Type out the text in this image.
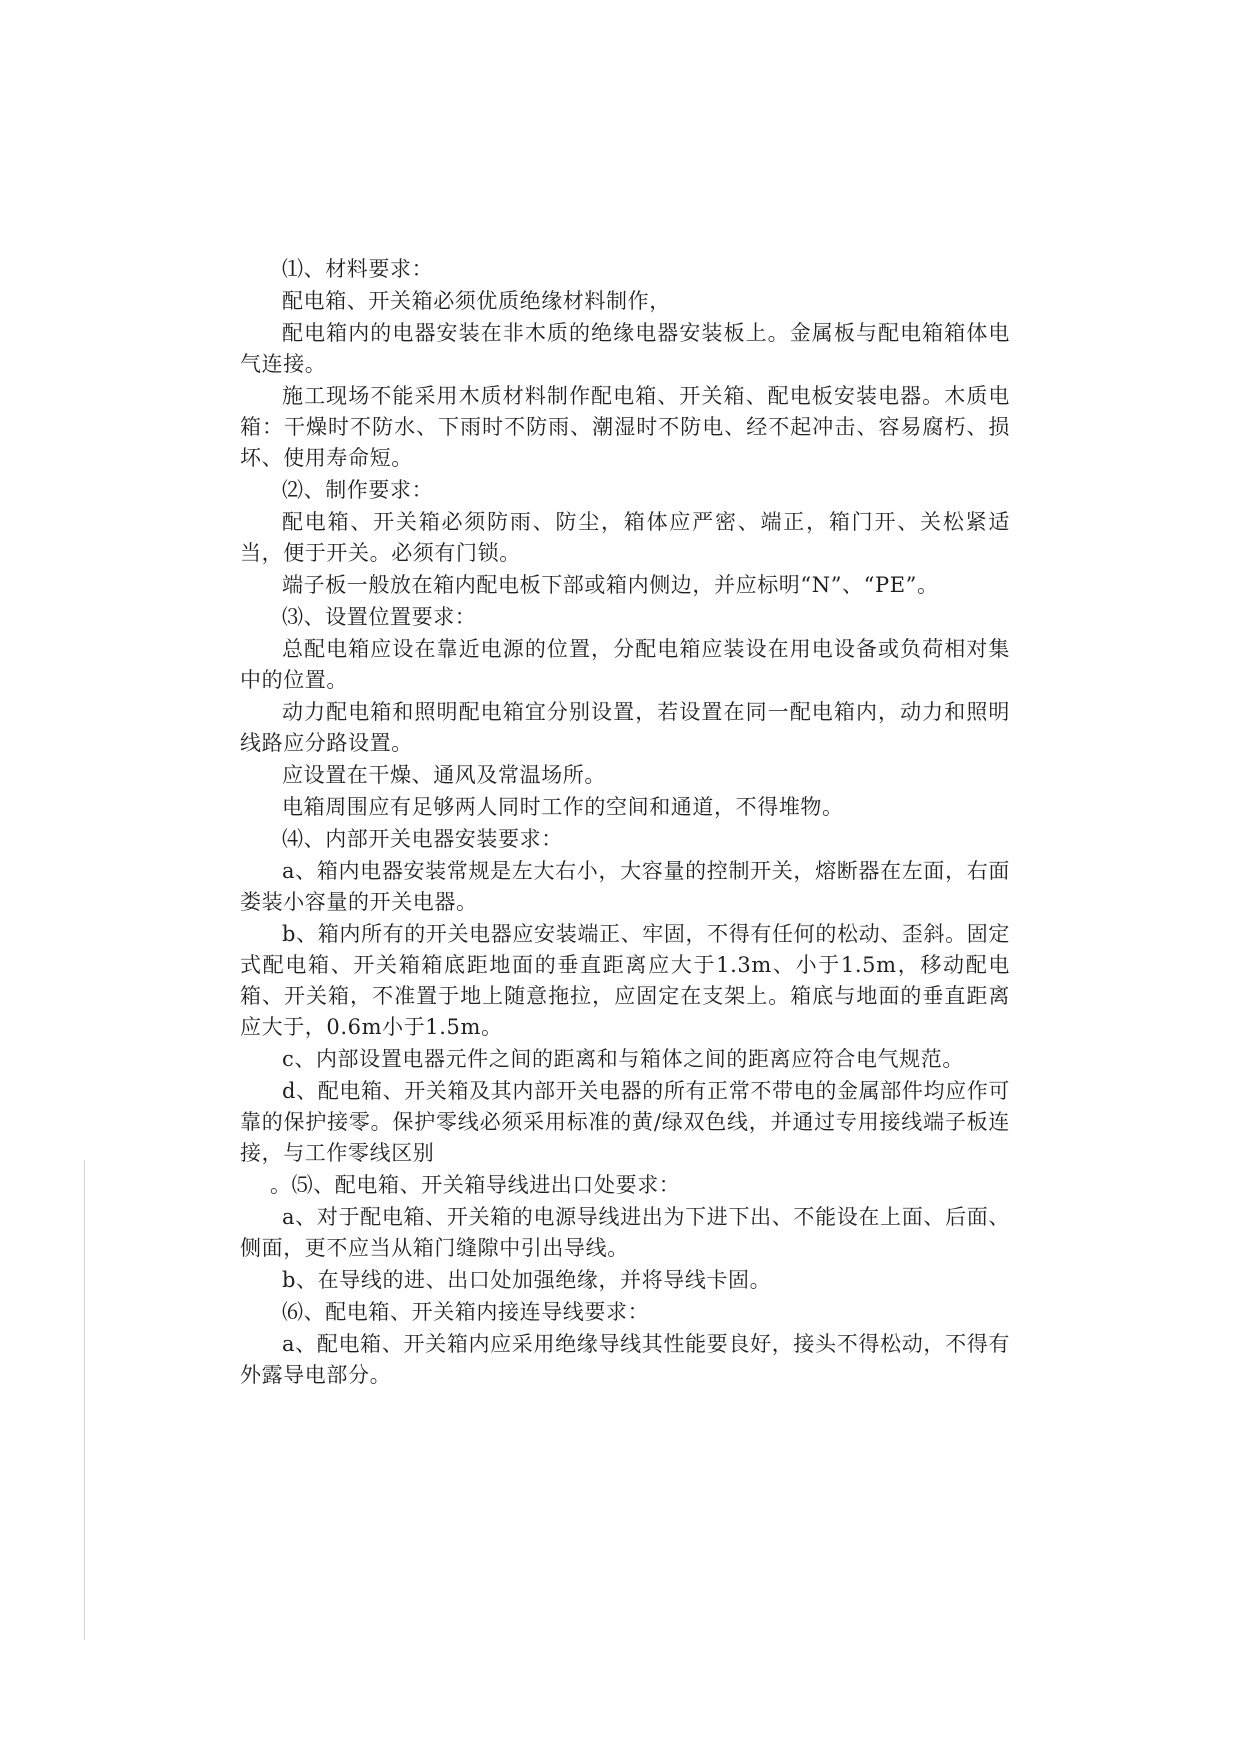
⑴、材料要求：

配电箱、开关箱必须优质绝缘材料制作，

配电箱内的电器安装在非木质的绝缘电器安装板上。金属板与配电箱箱体电气连接。

施工现场不能采用木质材料制作配电箱、开关箱、配电板安装电器。木质电箱：干燥时不防水、下雨时不防雨、潮湿时不防电、经不起冲击、容易腐朽、损坏、使用寿命短。

⑵、制作要求：

配电箱、开关箱必须防雨、防尘，箱体应严密、端正，箱门开、关松紧适当，便于开关。必须有门锁。

端子板一般放在箱内配电板下部或箱内侧边，并应标明“N”、“PE”。

⑶、设置位置要求：

总配电箱应设在靠近电源的位置，分配电箱应装设在用电设备或负荷相对集中的位置。

动力配电箱和照明配电箱宜分别设置，若设置在同一配电箱内，动力和照明线路应分路设置。

应设置在干燥、通风及常温场所。

电箱周围应有足够两人同时工作的空间和通道，不得堆物。

⑷、内部开关电器安装要求：

a、箱内电器安装常规是左大右小，大容量的控制开关，熔断器在左面，右面娄装小容量的开关电器。

b、箱内所有的开关电器应安装端正、牢固，不得有任何的松动、歪斜。固定式配电箱、开关箱箱底距地面的垂直距离应大于1.3m、小于1.5m，移动配电箱、开关箱，不准置于地上随意拖拉，应固定在支架上。箱底与地面的垂直距离应大于，0.6m小于1.5m。

c、内部设置电器元件之间的距离和与箱体之间的距离应符合电气规范。

d、配电箱、开关箱及其内部开关电器的所有正常不带电的金属部件均应作可靠的保护接零。保护零线必须采用标准的黄/绿双色线，并通过专用接线端子板连接，与工作零线区别

。⑸、配电箱、开关箱导线进出口处要求：

a、对于配电箱、开关箱的电源导线进出为下进下出、不能设在上面、后面、侧面，更不应当从箱门缝隙中引出导线。

b、在导线的进、出口处加强绝缘，并将导线卡固。

⑹、配电箱、开关箱内接连导线要求：

a、配电箱、开关箱内应采用绝缘导线其性能要良好，接头不得松动，不得有外露导电部分。
